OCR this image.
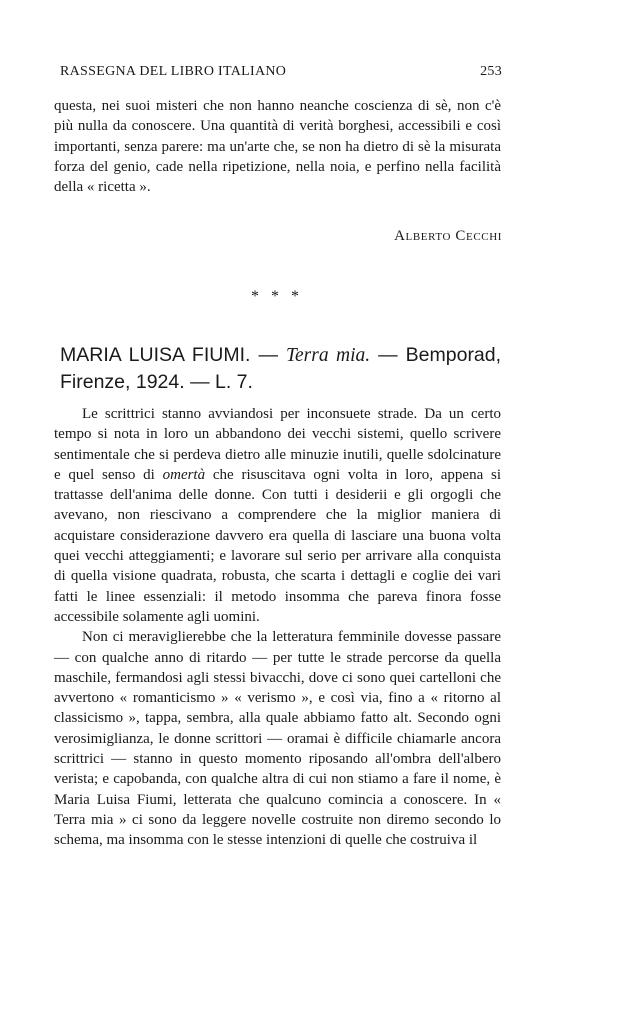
RASSEGNA DEL LIBRO ITALIANO	253

questa, nei suoi misteri che non hanno neanche coscienza di sè, non c'è più nulla da conoscere. Una quantità di verità borghesi, accessibili e così importanti, senza parere: ma un'arte che, se non ha dietro di sè la misurata forza del genio, cade nella ripetizione, nella noia, e perfino nella facilità della « ricetta ».

Alberto Cecchi
* * *
MARIA LUISA FIUMI. — Terra mia. — Bemporad, Firenze, 1924. — L. 7.

Le scrittrici stanno avviandosi per inconsuete strade. Da un certo tempo si nota in loro un abbandono dei vecchi sistemi, quello scrivere sentimentale che si perdeva dietro alle minuzie inutili, quelle sdolcinature e quel senso di omertà che risuscitava ogni volta in loro, appena si trattasse dell'anima delle donne. Con tutti i desiderii e gli orgogli che avevano, non riescivano a comprendere che la miglior maniera di acquistare considerazione davvero era quella di lasciare una buona volta quei vecchi atteggiamenti; e lavorare sul serio per arrivare alla conquista di quella visione quadrata, robusta, che scarta i dettagli e coglie dei vari fatti le linee essenziali: il metodo insomma che pareva finora fosse accessibile solamente agli uomini.

Non ci meraviglierebbe che la letteratura femminile dovesse passare — con qualche anno di ritardo — per tutte le strade percorse da quella maschile, fermandosi agli stessi bivacchi, dove ci sono quei cartelloni che avvertono « romanticismo » « verismo », e così via, fino a « ritorno al classicismo », tappa, sembra, alla quale abbiamo fatto alt. Secondo ogni verosimiglianza, le donne scrittori — oramai è difficile chiamarle ancora scrittrici — stanno in questo momento riposando all'ombra dell'albero verista; e capobanda, con qualche altra di cui non stiamo a fare il nome, è Maria Luisa Fiumi, letterata che qualcuno comincia a conoscere. In « Terra mia » ci sono da leggere novelle costruite non diremo secondo lo schema, ma insomma con le stesse intenzioni di quelle che costruiva il
